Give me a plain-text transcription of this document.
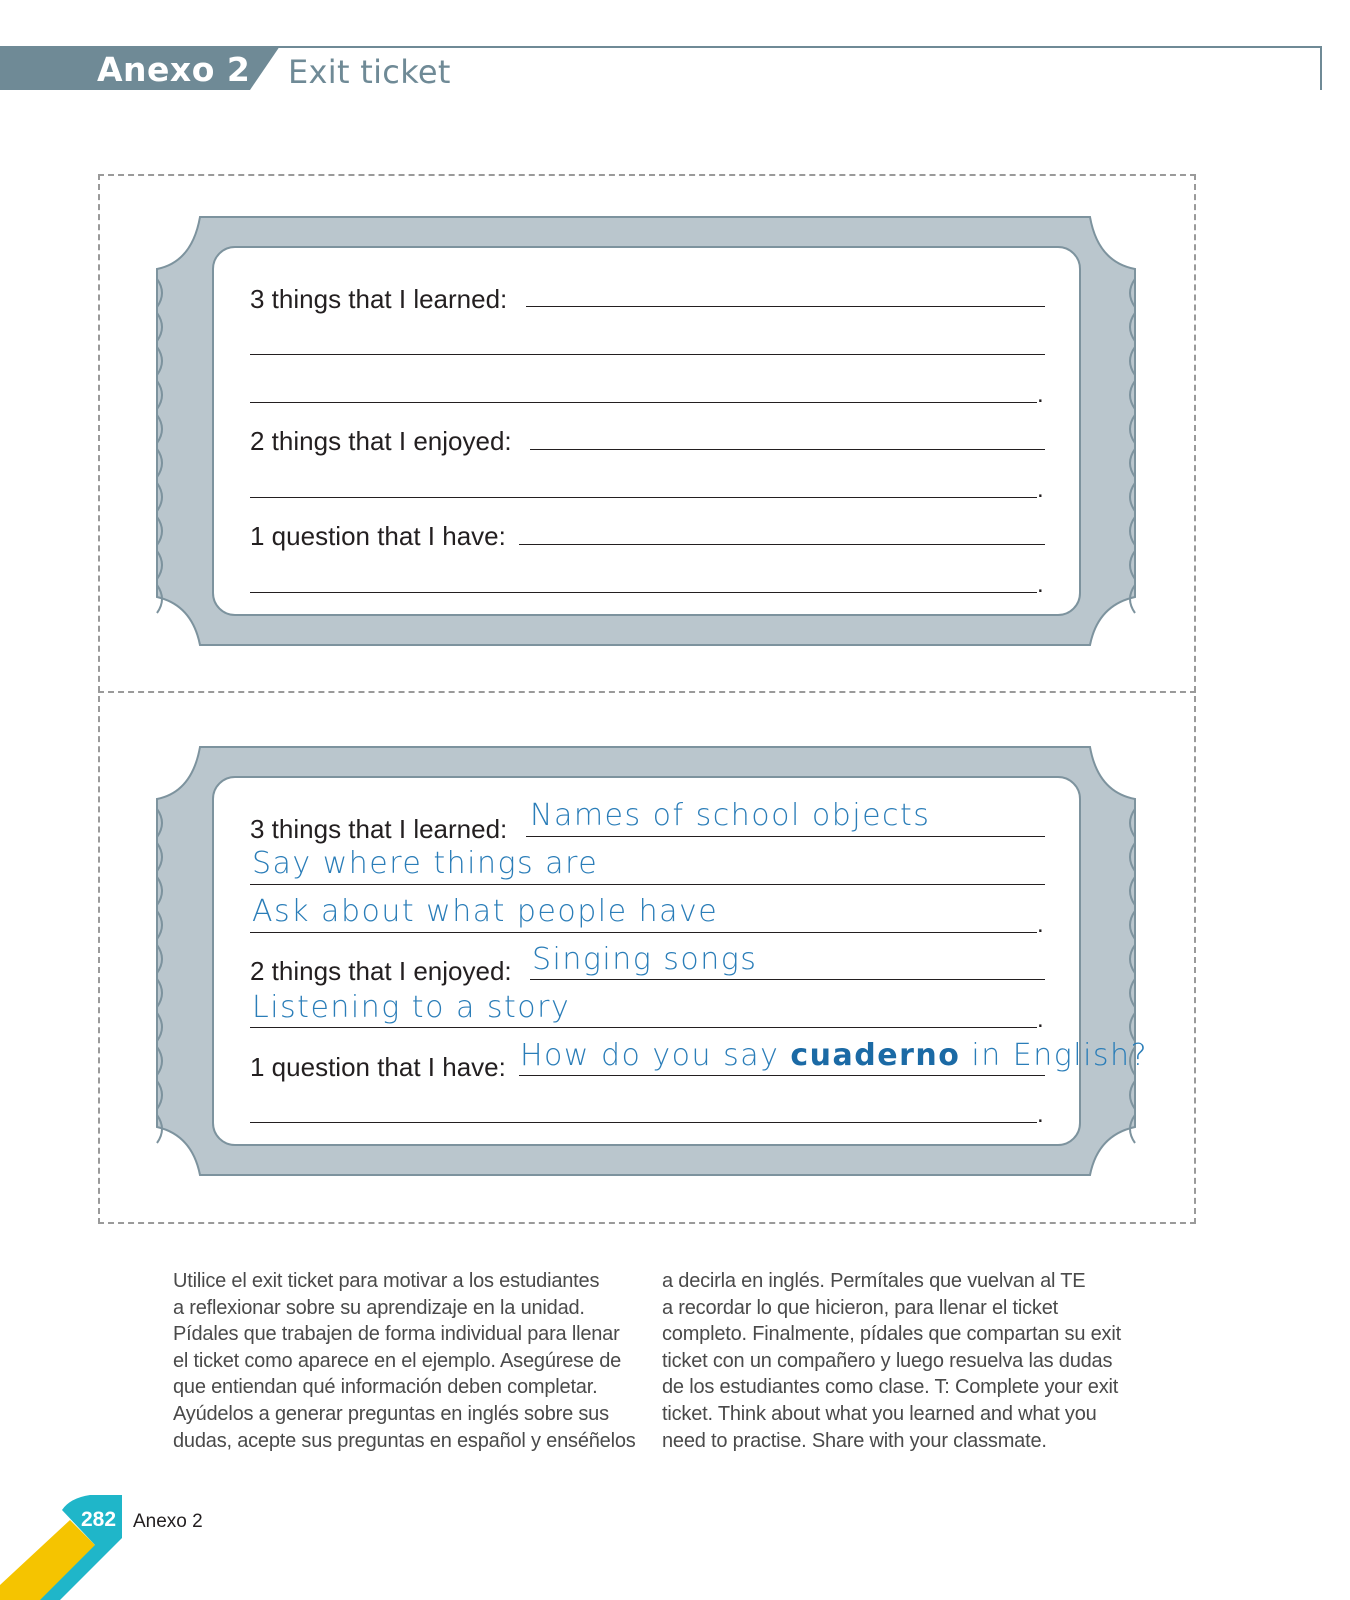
Anexo 2 Exit ticket
3 things that I learned:
.
2 things that I enjoyed:
.
1 question that I have:
.
3 things that I learned: Names of school objects
Say where things are
Ask about what people have	.
2 things that I enjoyed: Singing songs
Listening to a story	.
1 question that I have: How do you say cuaderno in English?
.
Utilice el exit ticket para motivar a los estudiantes
a reflexionar sobre su aprendizaje en la unidad.
Pídales que trabajen de forma individual para llenar
el ticket como aparece en el ejemplo. Asegúrese de
que entiendan qué información deben completar.
Ayúdelos a generar preguntas en inglés sobre sus
dudas, acepte sus preguntas en español y enséñelos
a decirla en inglés. Permítales que vuelvan al TE
a recordar lo que hicieron, para llenar el ticket
completo. Finalmente, pídales que compartan su exit
ticket con un compañero y luego resuelva las dudas
de los estudiantes como clase. T: Complete your exit
ticket. Think about what you learned and what you
need to practise. Share with your classmate.
282 Anexo 2
